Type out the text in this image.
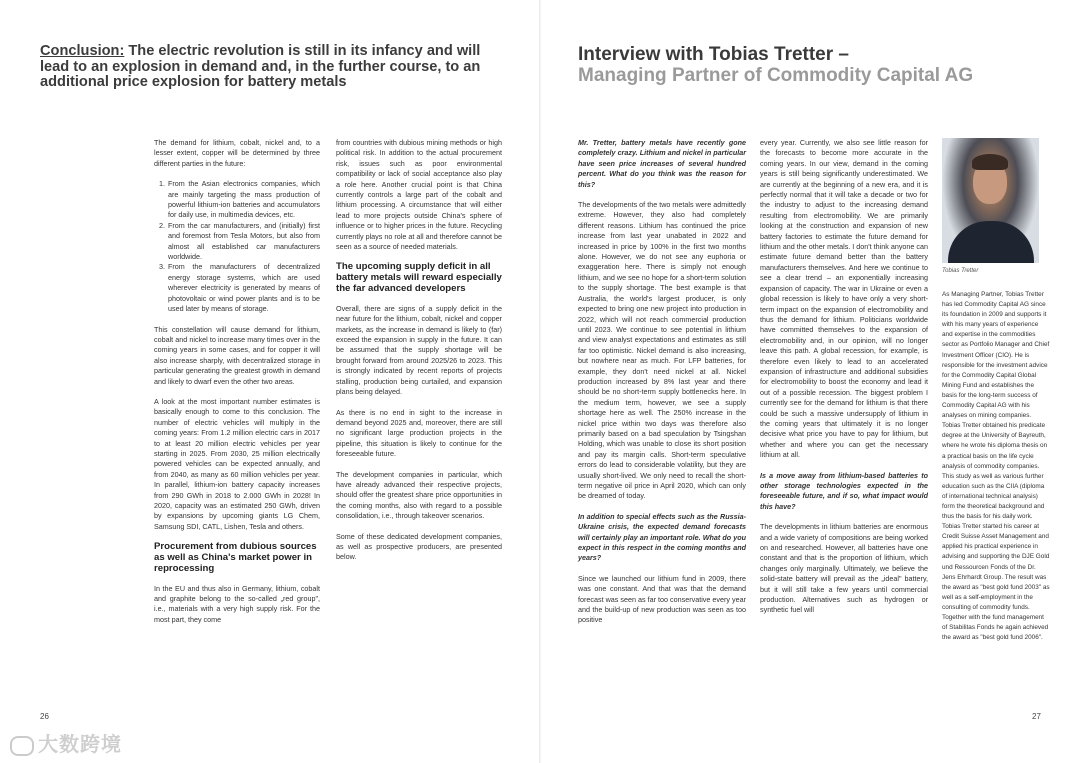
Conclusion: The electric revolution is still in its infancy and will lead to an explosion in demand and, in the further course, to an additional price explosion for battery metals
Interview with Tobias Tretter –
Managing Partner of Commodity Capital AG

The demand for lithium, cobalt, nickel and, to a lesser extent, copper will be determined by three different parties in the future:

1. From the Asian electronics companies, which are mainly targeting the mass production of powerful lithium-ion batteries and accumulators for daily use, in multimedia devices, etc.
2. From the car manufacturers, and (initially) first and foremost from Tesla Motors, but also from almost all established car manufacturers worldwide.
3. From the manufacturers of decentralized energy storage systems, which are used wherever electricity is generated by means of photovoltaic or wind power plants and is to be used later by means of storage.

This constellation will cause demand for lithium, cobalt and nickel to increase many times over in the coming years in some cases, and for copper it will also increase sharply, with decentralized storage in particular generating the greatest growth in demand and likely to dwarf even the other two areas.

A look at the most important number estimates is basically enough to come to this conclusion. The number of electric vehicles will multiply in the coming years: From 1.2 million electric cars in 2017 to at least 20 million electric vehicles per year starting in 2025. From 2030, 25 million electrically powered vehicles can be expected annually, and from 2040, as many as 60 million vehicles per year. In parallel, lithium-ion battery capacity increases from 290 GWh in 2018 to 2.000 GWh in 2028! In 2020, capacity was an estimated 250 GWh, driven by expansions by upcoming giants LG Chem, Samsung SDI, CATL, Lishen, Tesla and others.

Procurement from dubious sources as well as China's market power in reprocessing

In the EU and thus also in Germany, lithium, cobalt and graphite belong to the so-called „red group", i.e., materials with a very high supply risk. For the most part, they come

from countries with dubious mining methods or high political risk. In addition to the actual procurement risk, issues such as poor environmental compatibility or lack of social acceptance also play a role here. Another crucial point is that China currently controls a large part of the cobalt and lithium processing. A circumstance that will either lead to more projects outside China's sphere of influence or to higher prices in the future. Recycling currently plays no role at all and therefore cannot be seen as a source of needed materials.

The upcoming supply deficit in all battery metals will reward especially the far advanced developers

Overall, there are signs of a supply deficit in the near future for the lithium, cobalt, nickel and copper markets, as the increase in demand is likely to (far) exceed the expansion in supply in the future. It can be assumed that the supply shortage will be brought forward from around 2025/26 to 2023. This is strongly indicated by recent reports of projects stalling, production being curtailed, and expansion plans being delayed.

As there is no end in sight to the increase in demand beyond 2025 and, moreover, there are still no significant large production projects in the pipeline, this situation is likely to continue for the foreseeable future.

The development companies in particular, which have already advanced their respective projects, should offer the greatest share price opportunities in the coming months, also with regard to a possible consolidation, i.e., through takeover scenarios.

Some of these dedicated development companies, as well as prospective producers, are presented below.

Mr. Tretter, battery metals have recently gone completely crazy. Lithium and nickel in particular have seen price increases of several hundred percent. What do you think was the reason for this?

The developments of the two metals were admittedly extreme. However, they also had completely different reasons. Lithium has continued the price increase from last year unabated in 2022 and increased in price by 100% in the first two months alone. However, we do not see any euphoria or exaggeration here. There is simply not enough lithium, and we see no hope for a short-term solution to the supply shortage. The best example is that Australia, the world's largest producer, is only expected to bring one new project into production in 2022, which will not reach commercial production until 2023. We continue to see potential in lithium and view analyst expectations and estimates as still far too optimistic. Nickel demand is also increasing, but nowhere near as much. For LFP batteries, for example, they don't need nickel at all. Nickel production increased by 8% last year and there should be no short-term supply bottlenecks here. In the medium term, however, we see a supply shortage here as well. The 250% increase in the nickel price within two days was therefore also primarily based on a bad speculation by Tsingshan Holding, which was unable to close its short position and pay its margin calls. Short-term speculative errors do lead to considerable volatility, but they are usually short-lived. We only need to recall the short-term negative oil price in April 2020, which can only be dreamed of today.

In addition to special effects such as the Russia-Ukraine crisis, the expected demand forecasts will certainly play an important role. What do you expect in this respect in the coming months and years?

Since we launched our lithium fund in 2009, there was one constant. And that was that the demand forecast was seen as far too conservative every year and the build-up of new production was seen as too positive

every year. Currently, we also see little reason for the forecasts to become more accurate in the coming years. In our view, demand in the coming years is still being significantly underestimated. We are currently at the beginning of a new era, and it is perfectly normal that it will take a decade or two for the industry to adjust to the increasing demand resulting from electromobility. We are primarily looking at the construction and expansion of new battery factories to estimate the future demand for lithium and the other metals. I don't think anyone can estimate future demand better than the battery manufacturers themselves. And here we continue to see a clear trend – an exponentially increasing expansion of capacity. The war in Ukraine or even a global recession is likely to have only a very short-term impact on the expansion of electromobility and thus the demand for lithium. Politicians worldwide have committed themselves to the expansion of electromobility and, in our opinion, will no longer leave this path. A global recession, for example, is therefore even likely to lead to an accelerated expansion of infrastructure and additional subsidies for electromobility to boost the economy and lead it out of a possible recession. The biggest problem I currently see for the demand for lithium is that there could be such a massive undersupply of lithium in the coming years that ultimately it is no longer decisive what price you have to pay for lithium, but whether and where you can get the necessary lithium at all.

Is a move away from lithium-based batteries to other storage technologies expected in the foreseeable future, and if so, what impact would this have?

The developments in lithium batteries are enormous and a wide variety of compositions are being worked on and researched. However, all batteries have one constant and that is the proportion of lithium, which changes only marginally. Ultimately, we believe the solid-state battery will prevail as the „ideal" battery, but it will still take a few years until commercial production. Alternatives such as hydrogen or synthetic fuel will

Tobias Tretter
As Managing Partner, Tobias Tretter has led Commodity Capital AG since its foundation in 2009 and supports it with his many years of experience and expertise in the commodities sector as Portfolio Manager and Chief Investment Officer (CIO). He is responsible for the investment advice for the Commodity Capital Global Mining Fund and establishes the basis for the long-term success of Commodity Capital AG with his analyses on mining companies. Tobias Tretter obtained his predicate degree at the University of Bayreuth, where he wrote his diploma thesis on a practical basis on the life cycle analysis of commodity companies. This study as well as various further education such as the CIIA (diploma of international technical analysis) form the theoretical background and thus the basis for his daily work. Tobias Tretter started his career at Credit Suisse Asset Management and applied his practical experience in advising and supporting the DJE Gold und Ressourcen Fonds of the Dr. Jens Ehrhardt Group. The result was the award as "best gold fund 2003" as well as a self-employment in the consulting of commodity funds. Together with the fund management of Stabilitas Fonds he again achieved the award as "best gold fund 2006".
26	27
大数跨境
